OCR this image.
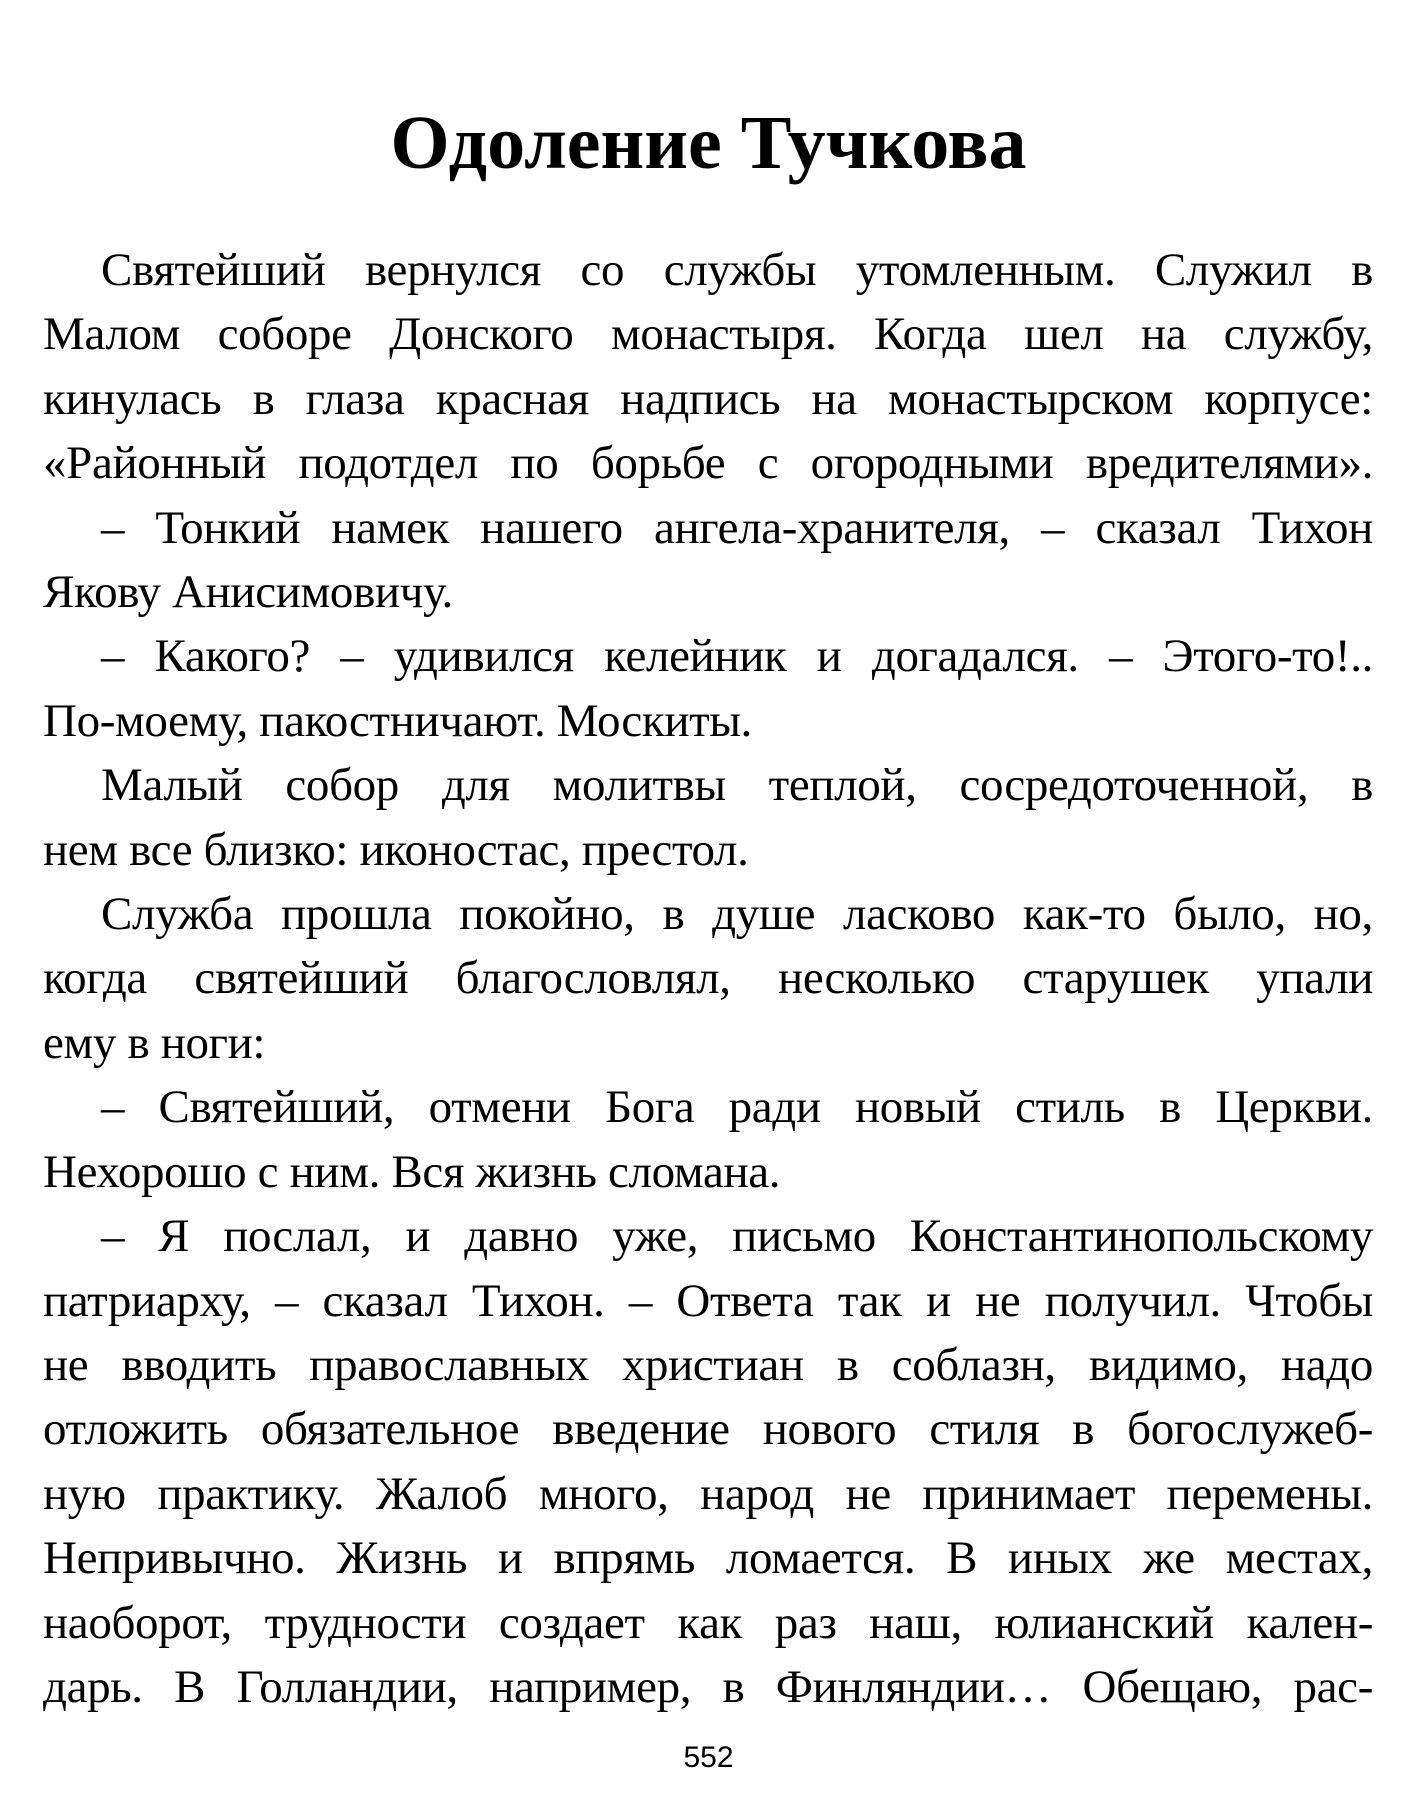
Одоление Тучкова

Святейший вернулся со службы утомленным. Служил в
Малом соборе Донского монастыря. Когда шел на службу,
кинулась в глаза красная надпись на монастырском корпусе:
«Районный подотдел по борьбе с огородными вредителями».

– Тонкий намек нашего ангела-хранителя, – сказал Тихон
Якову Анисимовичу.

– Какого? – удивился келейник и догадался. – Этого-то!..
По-моему, пакостничают. Москиты.

Малый собор для молитвы теплой, сосредоточенной, в
нем все близко: иконостас, престол.

Служба прошла покойно, в душе ласково как-то было, но,
когда святейший благословлял, несколько старушек упали
ему в ноги:

– Святейший, отмени Бога ради новый стиль в Церкви.
Нехорошо с ним. Вся жизнь сломана.

– Я послал, и давно уже, письмо Константинопольскому
патриарху, – сказал Тихон. – Ответа так и не получил. Чтобы
не вводить православных христиан в соблазн, видимо, надо
отложить обязательное введение нового стиля в богослужеб-
ную практику. Жалоб много, народ не принимает перемены.
Непривычно. Жизнь и впрямь ломается. В иных же местах,
наоборот, трудности создает как раз наш, юлианский кален-
дарь. В Голландии, например, в Финляндии… Обещаю, рас-

552
